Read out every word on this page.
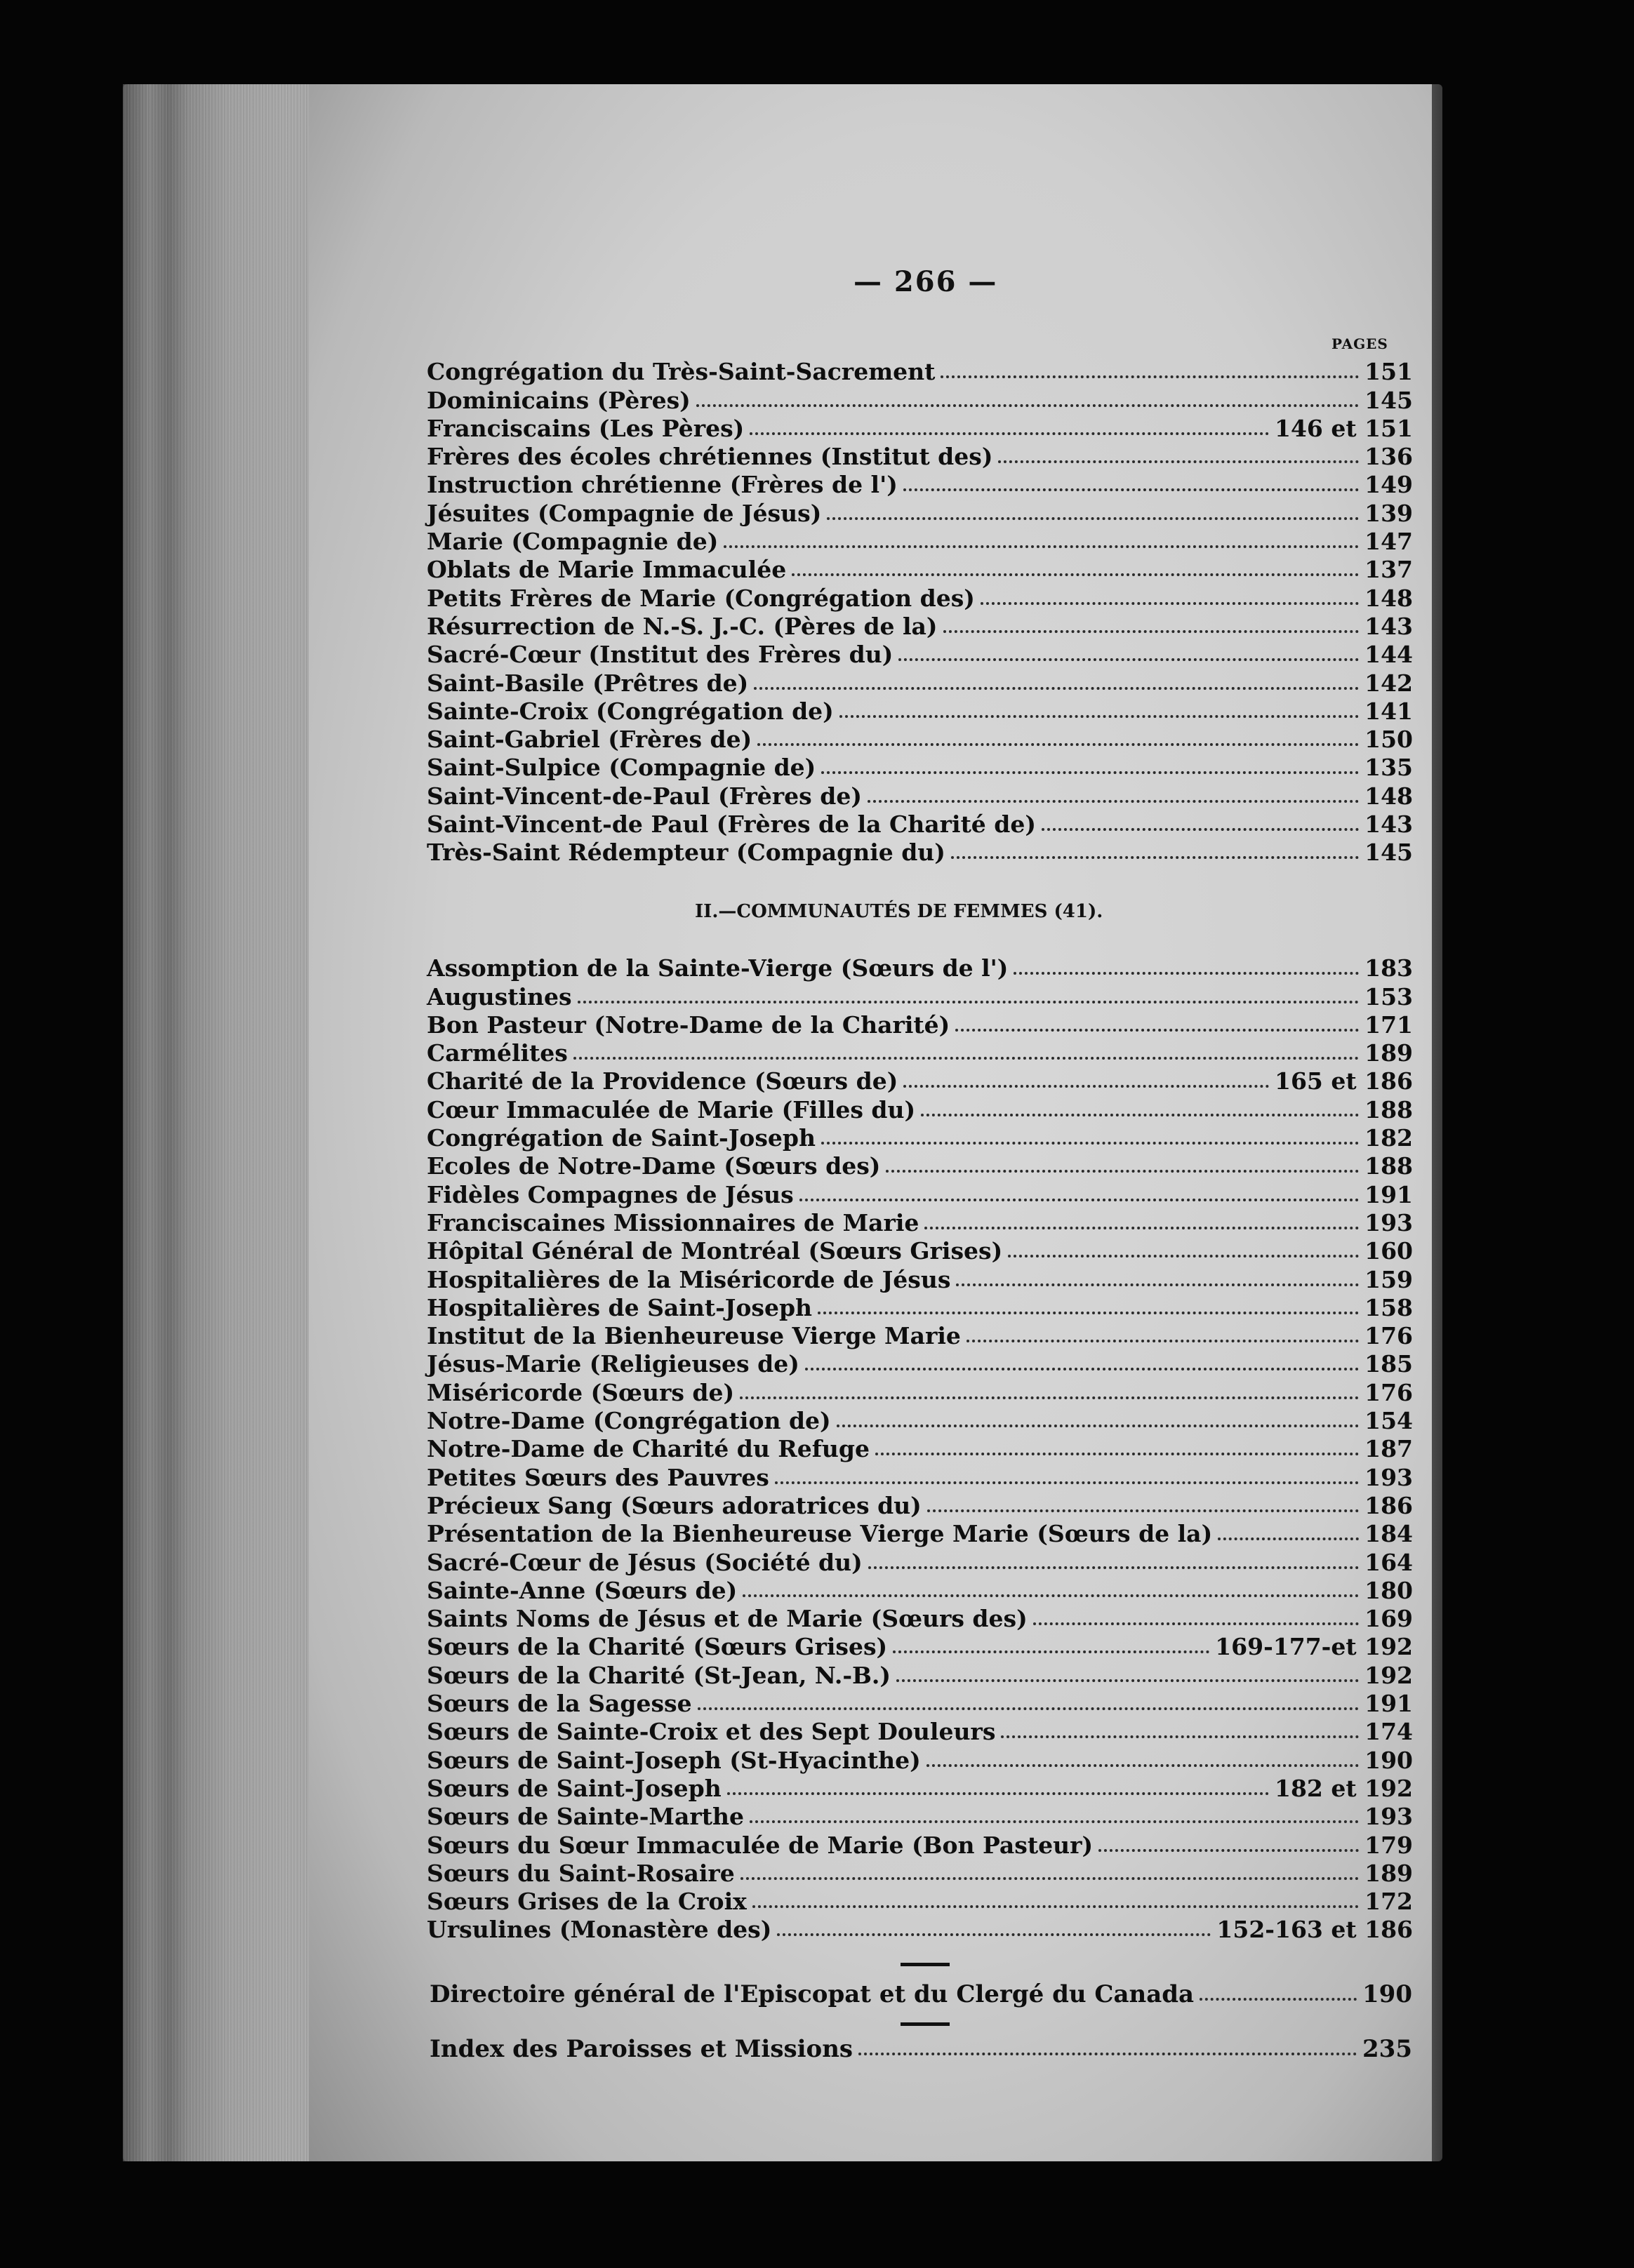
— 266 —
PAGES
Congrégation du Très-Saint-Sacrement	151
Dominicains (Pères)	145
Franciscains (Les Pères)	146 et 151
Frères des écoles chrétiennes (Institut des)	136
Instruction chrétienne (Frères de l')	149
Jésuites (Compagnie de Jésus)	139
Marie (Compagnie de)	147
Oblats de Marie Immaculée	137
Petits Frères de Marie (Congrégation des)	148
Résurrection de N.-S. J.-C. (Pères de la)	143
Sacré-Cœur (Institut des Frères du)	144
Saint-Basile (Prêtres de)	142
Sainte-Croix (Congrégation de)	141
Saint-Gabriel (Frères de)	150
Saint-Sulpice (Compagnie de)	135
Saint-Vincent-de-Paul (Frères de)	148
Saint-Vincent-de Paul (Frères de la Charité de)	143
Très-Saint Rédempteur (Compagnie du)	145
II.—COMMUNAUTÉS DE FEMMES (41).
Assomption de la Sainte-Vierge (Sœurs de l')	183
Augustines	153
Bon Pasteur (Notre-Dame de la Charité)	171
Carmélites	189
Charité de la Providence (Sœurs de)	165 et 186
Cœur Immaculée de Marie (Filles du)	188
Congrégation de Saint-Joseph	182
Ecoles de Notre-Dame (Sœurs des)	188
Fidèles Compagnes de Jésus	191
Franciscaines Missionnaires de Marie	193
Hôpital Général de Montréal (Sœurs Grises)	160
Hospitalières de la Miséricorde de Jésus	159
Hospitalières de Saint-Joseph	158
Institut de la Bienheureuse Vierge Marie	176
Jésus-Marie (Religieuses de)	185
Miséricorde (Sœurs de)	176
Notre-Dame (Congrégation de)	154
Notre-Dame de Charité du Refuge	187
Petites Sœurs des Pauvres	193
Précieux Sang (Sœurs adoratrices du)	186
Présentation de la Bienheureuse Vierge Marie (Sœurs de la)	184
Sacré-Cœur de Jésus (Société du)	164
Sainte-Anne (Sœurs de)	180
Saints Noms de Jésus et de Marie (Sœurs des)	169
Sœurs de la Charité (Sœurs Grises)	169-177-et 192
Sœurs de la Charité (St-Jean, N.-B.)	192
Sœurs de la Sagesse	191
Sœurs de Sainte-Croix et des Sept Douleurs	174
Sœurs de Saint-Joseph (St-Hyacinthe)	190
Sœurs de Saint-Joseph	182 et 192
Sœurs de Sainte-Marthe	193
Sœurs du Sœur Immaculée de Marie (Bon Pasteur)	179
Sœurs du Saint-Rosaire	189
Sœurs Grises de la Croix	172
Ursulines (Monastère des)	152-163 et 186
Directoire général de l'Episcopat et du Clergé du Canada	190
Index des Paroisses et Missions	235
